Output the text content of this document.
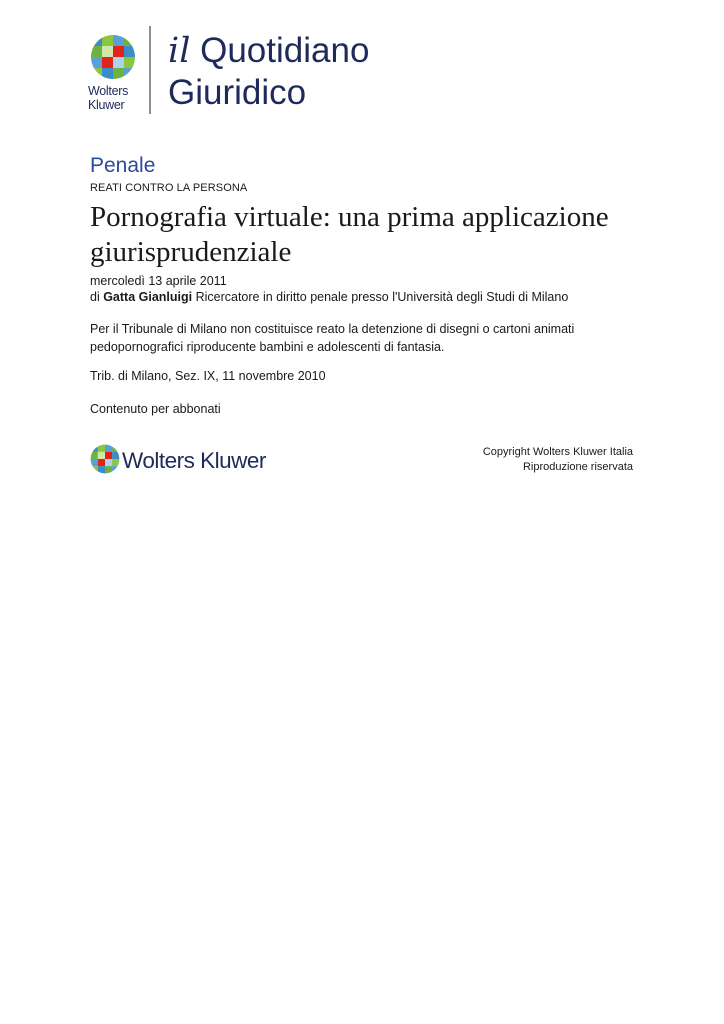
Wolters
Kluwer
il Quotidiano
Giuridico
Penale
REATI CONTRO LA PERSONA
Pornografia virtuale: una prima applicazione giurisprudenziale
mercoledì 13 aprile 2011
di Gatta Gianluigi Ricercatore in diritto penale presso l'Università degli Studi di Milano
Per il Tribunale di Milano non costituisce reato la detenzione di disegni o cartoni animati pedopornografici riproducente bambini e adolescenti di fantasia.
Trib. di Milano, Sez. IX, 11 novembre 2010
Contenuto per abbonati
Wolters Kluwer	Copyright Wolters Kluwer Italia
Riproduzione riservata
